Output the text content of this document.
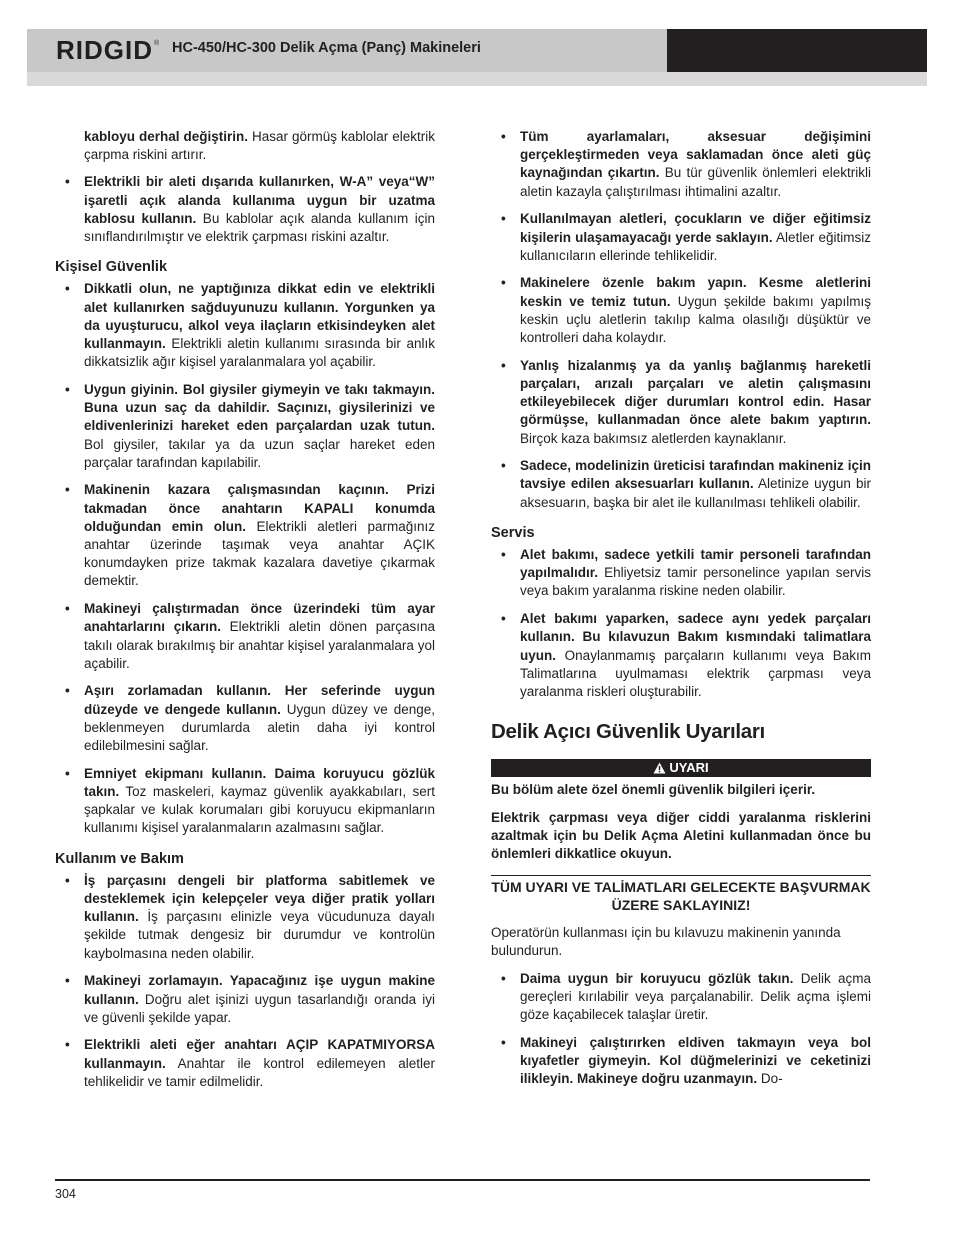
RIDGID ® HC-450/HC-300 Delik Açma (Panç) Makineleri

kabloyu derhal değiştirin. Hasar görmüş kablolar elektrik çarpma riskini artırır.

• Elektrikli bir aleti dışarıda kullanırken, W-A” veya“W” işaretli açık alanda kullanıma uygun bir uzatma kablosu kullanın. Bu kablolar açık alanda kullanım için sınıflandırılmıştır ve elektrik çarpması riskini azaltır.
Kişisel Güvenlik
• Dikkatli olun, ne yaptığınıza dikkat edin ve elektrikli alet kullanırken sağduyunuzu kullanın. Yorgunken ya da uyuşturucu, alkol veya ilaçların etkisindeyken alet kullanmayın. Elektrikli aletin kullanımı sırasında bir anlık dikkatsizlik ağır kişisel yaralanmalara yol açabilir.
• Uygun giyinin. Bol giysiler giymeyin ve takı takmayın. Buna uzun saç da dahildir. Saçınızı, giysilerinizi ve eldivenlerinizi hareket eden parçalardan uzak tutun. Bol giysiler, takılar ya da uzun saçlar hareket eden parçalar tarafından kapılabilir.
• Makinenin kazara çalışmasından kaçının. Prizi takmadan önce anahtarın KAPALI konumda olduğundan emin olun. Elektrikli aletleri parmağınız anahtar üzerinde taşımak veya anahtar AÇIK konumdayken prize takmak kazalara davetiye çıkarmak demektir.
• Makineyi çalıştırmadan önce üzerindeki tüm ayar anahtarlarını çıkarın. Elektrikli aletin dönen parçasına takılı olarak bırakılmış bir anahtar kişisel yaralanmalara yol açabilir.
• Aşırı zorlamadan kullanın. Her seferinde uygun düzeyde ve dengede kullanın. Uygun düzey ve denge, beklenmeyen durumlarda aletin daha iyi kontrol edilebilmesini sağlar.
• Emniyet ekipmanı kullanın. Daima koruyucu gözlük takın. Toz maskeleri, kaymaz güvenlik ayakkabıları, sert şapkalar ve kulak korumaları gibi koruyucu ekipmanların kullanımı kişisel yaralanmaların azalmasını sağlar.
Kullanım ve Bakım
• İş parçasını dengeli bir platforma sabitlemek ve desteklemek için kelepçeler veya diğer pratik yolları kullanın. İş parçasını elinizle veya vücudunuza dayalı şekilde tutmak dengesiz bir durumdur ve kontrolün kaybolmasına neden olabilir.
• Makineyi zorlamayın. Yapacağınız işe uygun makine kullanın. Doğru alet işinizi uygun tasarlandığı oranda iyi ve güvenli şekilde yapar.
• Elektrikli aleti eğer anahtarı AÇIP KAPATMIYORSA kullanmayın. Anahtar ile kontrol edilemeyen aletler tehlikelidir ve tamir edilmelidir.
• Tüm ayarlamaları, aksesuar değişimini gerçekleştirmeden veya saklamadan önce aleti güç kaynağından çıkartın. Bu tür güvenlik önlemleri elektrikli aletin kazayla çalıştırılması ihtimalini azaltır.
• Kullanılmayan aletleri, çocukların ve diğer eğitimsiz kişilerin ulaşamayacağı yerde saklayın. Aletler eğitimsiz kullanıcıların ellerinde tehlikelidir.
• Makinelere özenle bakım yapın. Kesme aletlerini keskin ve temiz tutun. Uygun şekilde bakımı yapılmış keskin uçlu aletlerin takılıp kalma olasılığı düşüktür ve kontrolleri daha kolaydır.
• Yanlış hizalanmış ya da yanlış bağlanmış hareketli parçaları, arızalı parçaları ve aletin çalışmasını etkileyebilecek diğer durumları kontrol edin. Hasar görmüşse, kullanmadan önce alete bakım yaptırın. Birçok kaza bakımsız aletlerden kaynaklanır.
• Sadece, modelinizin üreticisi tarafından makineniz için tavsiye edilen aksesuarları kullanın. Aletinize uygun bir aksesuarın, başka bir alet ile kullanılması tehlikeli olabilir.
Servis
• Alet bakımı, sadece yetkili tamir personeli tarafından yapılmalıdır. Ehliyetsiz tamir personelince yapılan servis veya bakım yaralanma riskine neden olabilir.
• Alet bakımı yaparken, sadece aynı yedek parçaları kullanın. Bu kılavuzun Bakım kısmındaki talimatlara uyun. Onaylanmamış parçaların kullanımı veya Bakım Talimatlarına uyulmaması elektrik çarpması veya yaralanma riskleri oluşturabilir.
Delik Açıcı Güvenlik Uyarıları
UYARI

Bu bölüm alete özel önemli güvenlik bilgileri içerir.

Elektrik çarpması veya diğer ciddi yaralanma risklerini azaltmak için bu Delik Açma Aletini kullanmadan önce bu önlemleri dikkatlice okuyun.

TÜM UYARI VE TALİMATLARI GELECEKTE BAŞVURMAK ÜZERE SAKLAYINIZ!

Operatörün kullanması için bu kılavuzu makinenin yanında bulundurun.

• Daima uygun bir koruyucu gözlük takın. Delik açma gereçleri kırılabilir veya parçalanabilir. Delik açma işlemi göze kaçabilecek talaşlar üretir.
• Makineyi çalıştırırken eldiven takmayın veya bol kıyafetler giymeyin. Kol düğmelerinizi ve ceketinizi ilikleyin. Makineye doğru uzanmayın. Do-
304
